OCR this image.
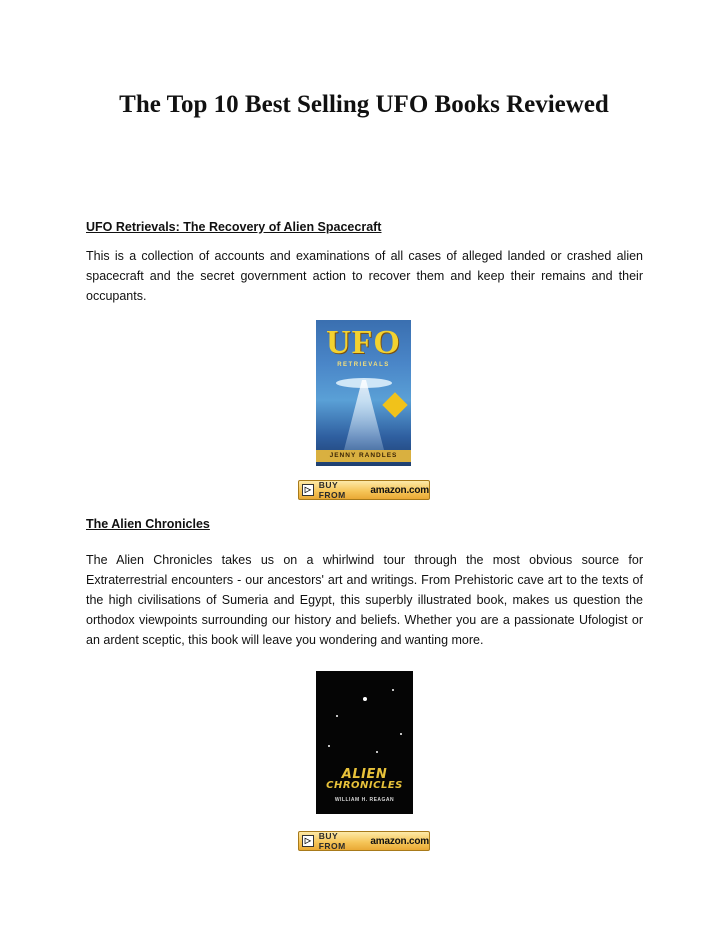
The Top 10 Best Selling UFO Books Reviewed
UFO Retrievals: The Recovery of Alien Spacecraft
This is a collection of accounts and examinations of all cases of alleged landed or crashed alien spacecraft and the secret government action to recover them and keep their remains and their occupants.
UFO
RETRIEVALS
JENNY RANDLES
▷ BUY FROM	amazon.com
The Alien Chronicles
The Alien Chronicles takes us on a whirlwind tour through the most obvious source for Extraterrestrial encounters - our ancestors' art and writings. From Prehistoric cave art to the texts of the high civilisations of Sumeria and Egypt, this superbly illustrated book, makes us question the orthodox viewpoints surrounding our history and beliefs. Whether you are a passionate Ufologist or an ardent sceptic, this book will leave you wondering and wanting more.
ALIEN
CHRONICLES
WILLIAM H. REAGAN
▷ BUY FROM	amazon.com
